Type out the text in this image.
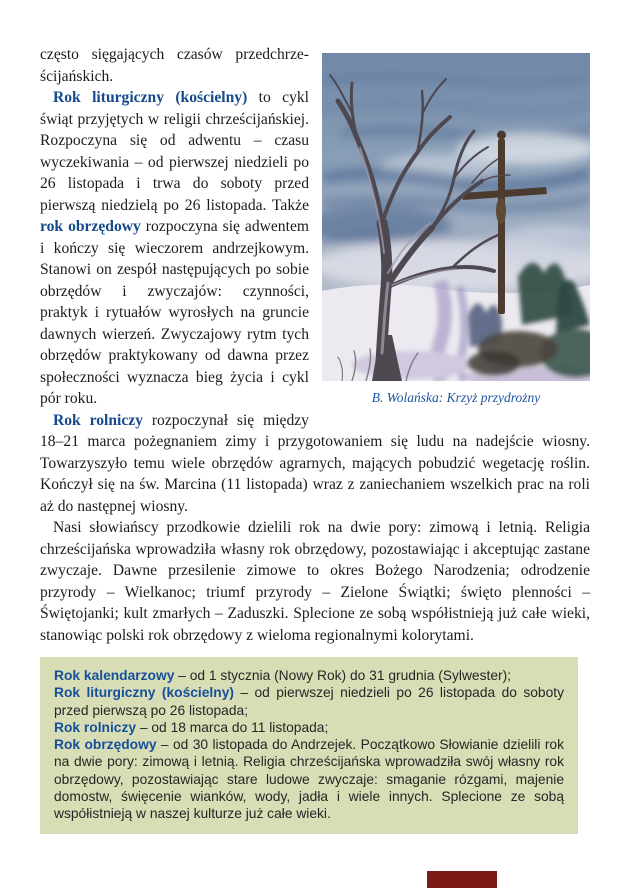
B. Wolańska: Krzyż przydrożny

często sięgających czasów przedchrześcijańskich.

Rok liturgiczny (kościelny) to cykl świąt przyjętych w religii chrześcijańskiej. Rozpoczyna się od adwentu – czasu wyczekiwania – od pierwszej niedzieli po 26 listopada i trwa do soboty przed pierwszą niedzielą po 26 listopada. Także rok obrzędowy rozpoczyna się adwentem i kończy się wieczorem andrzejkowym. Stanowi on zespół następujących po sobie obrzędów i zwyczajów: czynności, praktyk i rytuałów wyrosłych na gruncie dawnych wierzeń. Zwyczajowy rytm tych obrzędów praktykowany od dawna przez społeczności wyznacza bieg życia i cykl pór roku.

Rok rolniczy rozpoczynał się między 18–21 marca pożegnaniem zimy i przygotowaniem się ludu na nadejście wiosny. Towarzyszyło temu wiele obrzędów agrarnych, mających pobudzić wegetację roślin. Kończył się na św. Marcina (11 listopada) wraz z zaniechaniem wszelkich prac na roli aż do następnej wiosny.

Nasi słowiańscy przodkowie dzielili rok na dwie pory: zimową i letnią. Religia chrześcijańska wprowadziła własny rok obrzędowy, pozostawiając i akceptując zastane zwyczaje. Dawne przesilenie zimowe to okres Bożego Narodzenia; odrodzenie przyrody – Wielkanoc; triumf przyrody – Zielone Świątki; święto plenności – Świętojanki; kult zmarłych – Zaduszki. Splecione ze sobą współistnieją już całe wieki, stanowiąc polski rok obrzędowy z wieloma regionalnymi kolorytami.

Rok kalendarzowy – od 1 stycznia (Nowy Rok) do 31 grudnia (Sylwester);

Rok liturgiczny (kościelny) – od pierwszej niedzieli po 26 listopada do soboty przed pierwszą po 26 listopada;

Rok rolniczy – od 18 marca do 11 listopada;

Rok obrzędowy – od 30 listopada do Andrzejek. Początkowo Słowianie dzielili rok na dwie pory: zimową i letnią. Religia chrześcijańska wprowadziła swój własny rok obrzędowy, pozostawiając stare ludowe zwyczaje: smaganie rózgami, majenie domostw, święcenie wianków, wody, jadła i wiele innych. Splecione ze sobą współistnieją w naszej kulturze już całe wieki.
